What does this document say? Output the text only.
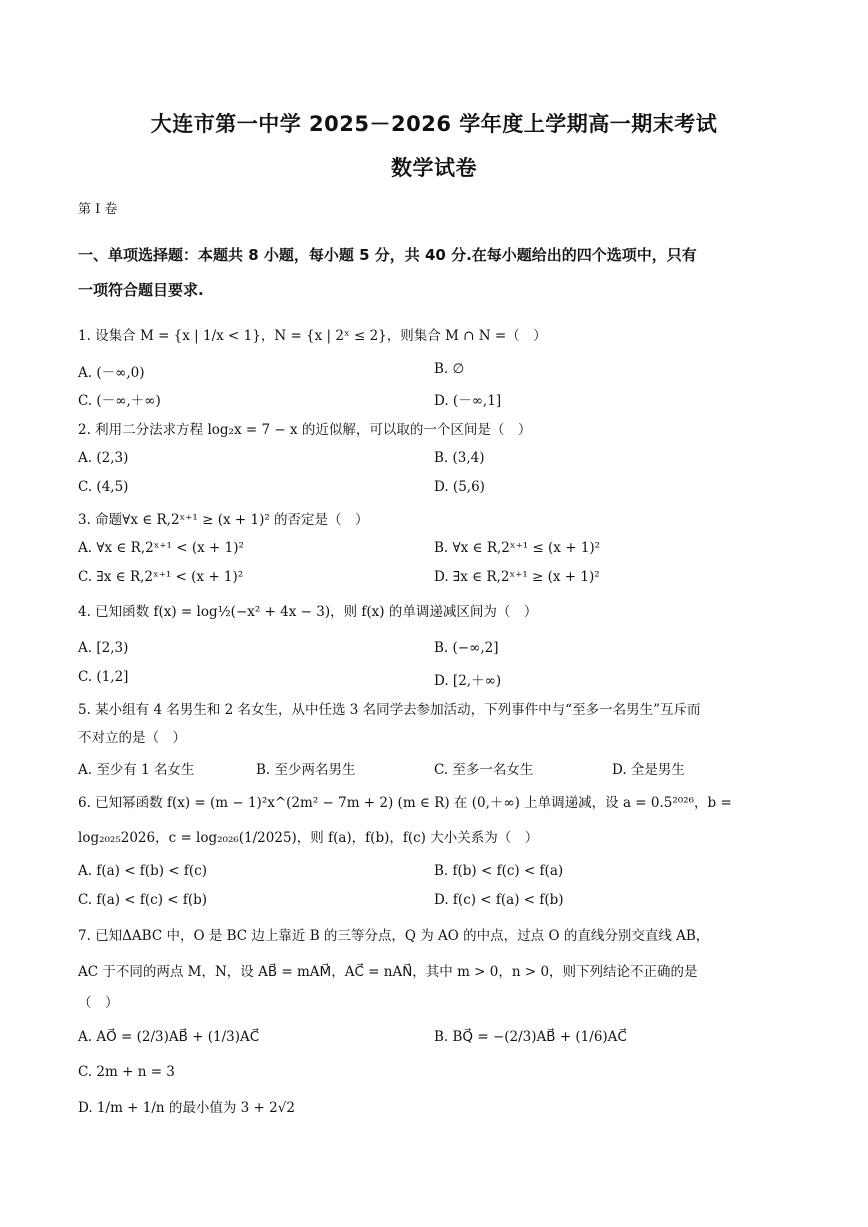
大连市第一中学 2025－2026 学年度上学期高一期末考试
数学试卷
第 I 卷
一、单项选择题：本题共 8 小题，每小题 5 分，共 40 分.在每小题给出的四个选项中，只有
一项符合题目要求.
1. 设集合 M = {x | 1/x < 1}，N = {x | 2ˣ ≤ 2}，则集合 M ∩ N =（　）
A. (－∞,0)	B. ∅
C. (－∞,＋∞)	D. (－∞,1]
2. 利用二分法求方程 log₂x = 7 − x 的近似解，可以取的一个区间是（　）
A. (2,3)	B. (3,4)
C. (4,5)	D. (5,6)
3. 命题∀x ∈ R,2ˣ⁺¹ ≥ (x + 1)² 的否定是（　）
A. ∀x ∈ R,2ˣ⁺¹ < (x + 1)²	B. ∀x ∈ R,2ˣ⁺¹ ≤ (x + 1)²
C. ∃x ∈ R,2ˣ⁺¹ < (x + 1)²	D. ∃x ∈ R,2ˣ⁺¹ ≥ (x + 1)²
4. 已知函数 f(x) = log½(−x² + 4x − 3)，则 f(x) 的单调递减区间为（　）
A. [2,3)	B. (−∞,2]
C. (1,2]	D. [2,＋∞)
5. 某小组有 4 名男生和 2 名女生，从中任选 3 名同学去参加活动，下列事件中与“至多一名男生”互斥而
不对立的是（　）
A. 至少有 1 名女生	B. 至少两名男生	C. 至多一名女生	D. 全是男生
6. 已知幂函数 f(x) = (m − 1)²x^(2m² − 7m + 2) (m ∈ R) 在 (0,＋∞) 上单调递减，设 a = 0.5²⁰²⁶，b =
log₂₀₂₅2026，c = log₂₀₂₆(1/2025)，则 f(a)，f(b)，f(c) 大小关系为（　）
A. f(a) < f(b) < f(c)	B. f(b) < f(c) < f(a)
C. f(a) < f(c) < f(b)	D. f(c) < f(a) < f(b)
7. 已知ΔABC 中，O 是 BC 边上靠近 B 的三等分点，Q 为 AO 的中点，过点 O 的直线分别交直线 AB，
AC 于不同的两点 M，N，设 AB⃗ = mAM⃗，AC⃗ = nAN⃗，其中 m > 0，n > 0，则下列结论不正确的是
（　）
A. AO⃗ = (2/3)AB⃗ + (1/3)AC⃗	B. BQ⃗ = −(2/3)AB⃗ + (1/6)AC⃗
C. 2m + n = 3
D. 1/m + 1/n 的最小值为 3 + 2√2
